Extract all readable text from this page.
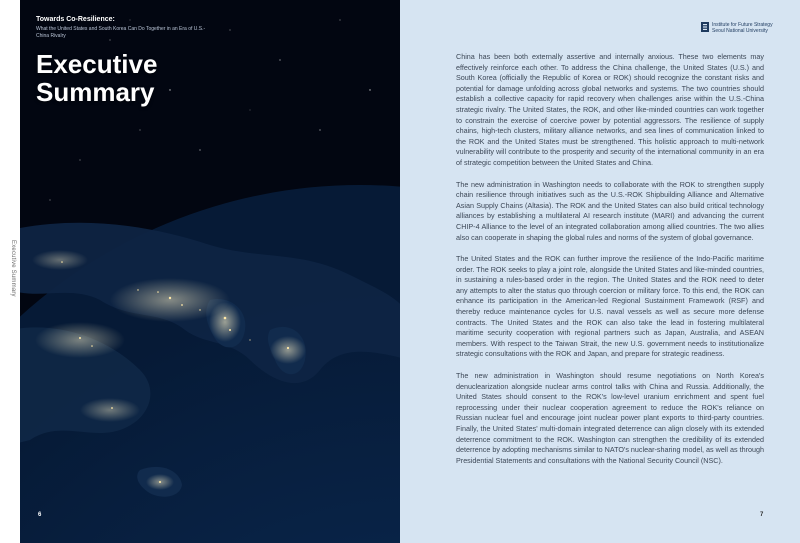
Executive Summary
Towards Co-Resilience:
What the United States and South Korea Can Do Together in an Era of U.S.-China Rivalry
Executive
Summary
6
Institute for Future Strategy
Seoul National University

China has been both externally assertive and internally anxious. These two elements may effectively reinforce each other. To address the China challenge, the United States (U.S.) and South Korea (officially the Republic of Korea or ROK) should recognize the constant risks and potential for damage unfolding across global networks and systems. The two countries should establish a collective capacity for rapid recovery when challenges arise within the U.S.-China strategic rivalry. The United States, the ROK, and other like-minded countries can work together to constrain the exercise of coercive power by potential aggressors. The resilience of supply chains, high-tech clusters, military alliance networks, and sea lines of communication linked to the ROK and the United States must be strengthened. This holistic approach to multi-network vulnerability will contribute to the prosperity and security of the international community in an era of strategic competition between the United States and China.

The new administration in Washington needs to collaborate with the ROK to strengthen supply chain resilience through initiatives such as the U.S.-ROK Shipbuilding Alliance and Alternative Asian Supply Chains (Altasia). The ROK and the United States can also build critical technology alliances by establishing a multilateral AI research institute (MARI) and advancing the current CHIP-4 Alliance to the level of an integrated collaboration among allied countries. The two allies also can cooperate in shaping the global rules and norms of the system of global governance.

The United States and the ROK can further improve the resilience of the Indo-Pacific maritime order. The ROK seeks to play a joint role, alongside the United States and like-minded countries, in sustaining a rules-based order in the region. The United States and the ROK need to deter any attempts to alter the status quo through coercion or military force. To this end, the ROK can enhance its participation in the American-led Regional Sustainment Framework (RSF) and thereby reduce maintenance cycles for U.S. naval vessels as well as secure more defense contracts. The United States and the ROK can also take the lead in fostering multilateral maritime security cooperation with regional partners such as Japan, Australia, and ASEAN members. With respect to the Taiwan Strait, the new U.S. government needs to institutionalize strategic consultations with the ROK and Japan, and prepare for strategic readiness.

The new administration in Washington should resume negotiations on North Korea's denuclearization alongside nuclear arms control talks with China and Russia. Additionally, the United States should consent to the ROK's low-level uranium enrichment and spent fuel reprocessing under their nuclear cooperation agreement to reduce the ROK's reliance on Russian nuclear fuel and encourage joint nuclear power plant exports to third-party countries. Finally, the United States' multi-domain integrated deterrence can align closely with its extended deterrence commitment to the ROK. Washington can strengthen the credibility of its extended deterrence by adopting mechanisms similar to NATO's nuclear-sharing model, as well as through Presidential Statements and consultations with the National Security Council (NSC).

7
